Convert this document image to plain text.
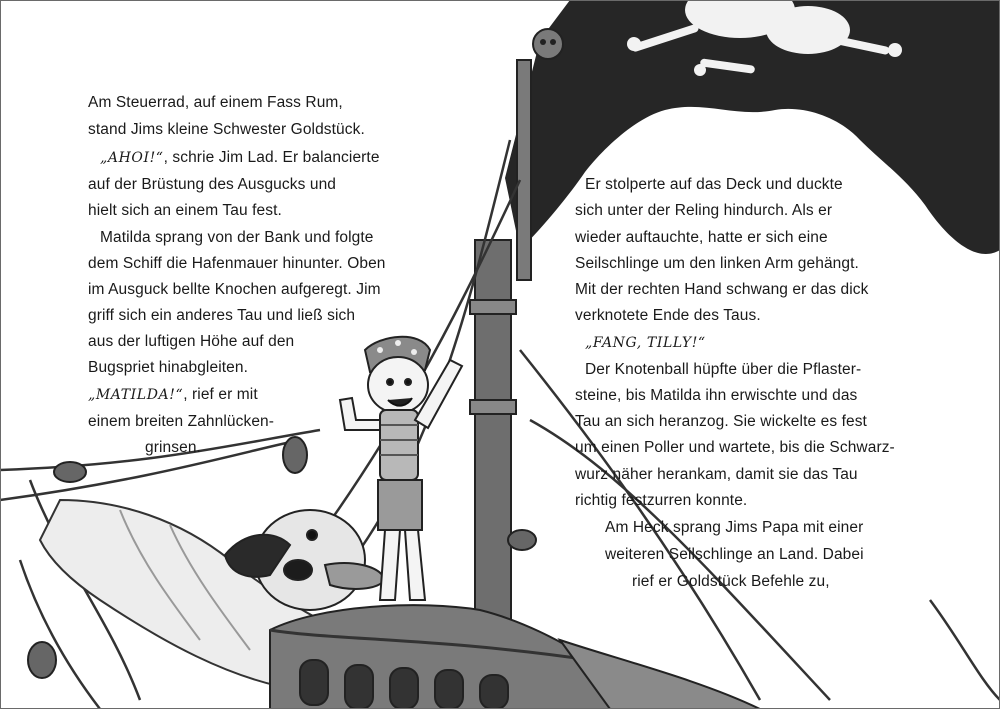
Am Steuerrad, auf einem Fass Rum,

stand Jims kleine Schwester Goldstück.

„AHOI!“, schrie Jim Lad. Er balancierte

auf der Brüstung des Ausgucks und

hielt sich an einem Tau fest.

Matilda sprang von der Bank und folgte

dem Schiff die Hafenmauer hinunter. Oben

im Ausguck bellte Knochen aufgeregt. Jim

griff sich ein anderes Tau und ließ sich

aus der luftigen Höhe auf den

Bugspriet hinabgleiten.

„MATILDA!“, rief er mit

einem breiten Zahnlücken-

grinsen.

Er stolperte auf das Deck und duckte

sich unter der Reling hindurch. Als er

wieder auftauchte, hatte er sich eine

Seilschlinge um den linken Arm gehängt.

Mit der rechten Hand schwang er das dick

verknotete Ende des Taus.

„FANG, TILLY!“

Der Knotenball hüpfte über die Pflaster-

steine, bis Matilda ihn erwischte und das

Tau an sich heranzog. Sie wickelte es fest

um einen Poller und wartete, bis die Schwarz-

wurz näher herankam, damit sie das Tau

richtig festzurren konnte.

Am Heck sprang Jims Papa mit einer

weiteren Seilschlinge an Land. Dabei

rief er Goldstück Befehle zu,
